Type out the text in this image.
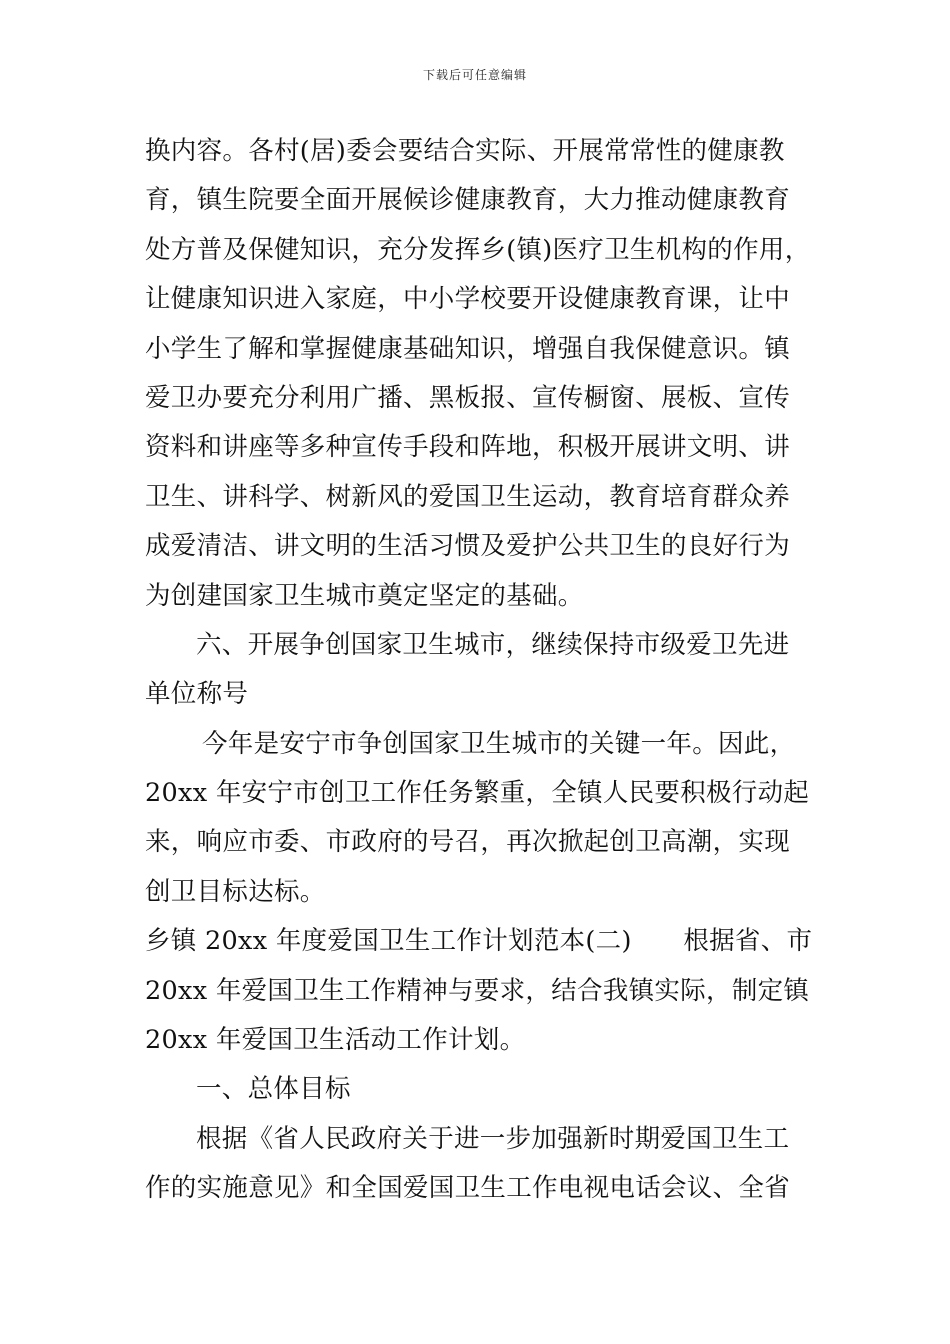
下载后可任意编辑
换内容。各村(居)委会要结合实际、开展常常性的健康教
育，镇生院要全面开展候诊健康教育，大力推动健康教育
处方普及保健知识，充分发挥乡(镇)医疗卫生机构的作用，
让健康知识进入家庭，中小学校要开设健康教育课，让中
小学生了解和掌握健康基础知识，增强自我保健意识。镇
爱卫办要充分利用广播、黑板报、宣传橱窗、展板、宣传
资料和讲座等多种宣传手段和阵地，积极开展讲文明、讲
卫生、讲科学、树新风的爱国卫生运动，教育培育群众养
成爱清洁、讲文明的生活习惯及爱护公共卫生的良好行为
为创建国家卫生城市奠定坚定的基础。
六、开展争创国家卫生城市，继续保持市级爱卫先进
单位称号
今年是安宁市争创国家卫生城市的关键一年。因此，
20xx 年安宁市创卫工作任务繁重，全镇人民要积极行动起
来，响应市委、市政府的号召，再次掀起创卫高潮，实现
创卫目标达标。
乡镇 20xx 年度爱国卫生工作计划范本(二)　　根据省、市
20xx 年爱国卫生工作精神与要求，结合我镇实际，制定镇
20xx 年爱国卫生活动工作计划。
一、总体目标
根据《省人民政府关于进一步加强新时期爱国卫生工
作的实施意见》和全国爱国卫生工作电视电话会议、全省
